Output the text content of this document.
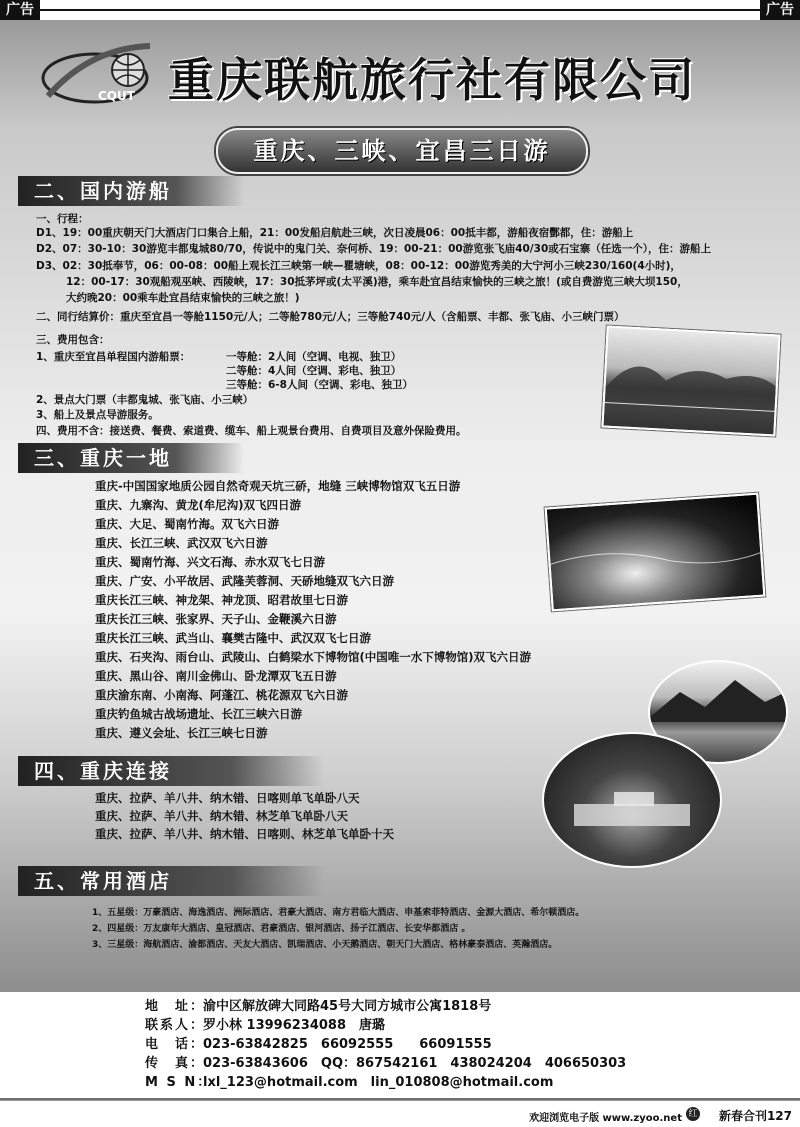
广告	广告
CQUT 重庆联航旅行社有限公司
重庆、三峡、宜昌三日游
二、国内游船
一、行程：
D1、19：00重庆朝天门大酒店门口集合上船，21：00发船启航赴三峡，次日凌晨06：00抵丰都，游船夜宿酆都，住：游船上
D2、07：30-10：30游览丰都鬼城80/70，传说中的鬼门关、奈何桥、19：00-21：00游览张飞庙40/30或石宝寨（任选一个），住：游船上
D3、02：30抵奉节，06：00-08：00船上观长江三峡第一峡—瞿塘峡，08：00-12：00游览秀美的大宁河小三峡230/160(4小时)，
12：00-17：30观船观巫峡、西陵峡，17：30抵茅坪或(太平溪)港，乘车赴宜昌结束愉快的三峡之旅！(或自费游览三峡大坝150，
大约晚20：00乘车赴宜昌结束愉快的三峡之旅！)
二、同行结算价：重庆至宜昌一等舱1150元/人；二等舱780元/人；三等舱740元/人（含船票、丰都、张飞庙、小三峡门票）
三、费用包含：
1、重庆至宜昌单程国内游船票：	一等舱：2人间（空调、电视、独卫）
二等舱：4人间（空调、彩电、独卫）
三等舱：6-8人间（空调、彩电、独卫）
2、景点大门票（丰都鬼城、张飞庙、小三峡）
3、船上及景点导游服务。
四、费用不含：接送费、餐费、索道费、缆车、船上观景台费用、自费项目及意外保险费用。
三、重庆一地
重庆-中国国家地质公园自然奇观天坑三硚，地缝 三峡博物馆双飞五日游
重庆、九寨沟、黄龙(牟尼沟)双飞四日游
重庆、大足、蜀南竹海。双飞六日游
重庆、长江三峡、武汉双飞六日游
重庆、蜀南竹海、兴文石海、赤水双飞七日游
重庆、广安、小平故居、武隆芙蓉洞、天硚地缝双飞六日游
重庆长江三峡、神龙架、神龙顶、昭君故里七日游
重庆长江三峡、张家界、天子山、金鞭溪六日游
重庆长江三峡、武当山、襄樊古隆中、武汉双飞七日游
重庆、石夹沟、雨台山、武陵山、白鹤梁水下博物馆(中国唯一水下博物馆)双飞六日游
重庆、黑山谷、南川金佛山、卧龙潭双飞五日游
重庆渝东南、小南海、阿蓬江、桃花源双飞六日游
重庆钓鱼城古战场遗址、长江三峡六日游
重庆、遵义会址、长江三峡七日游
四、重庆连接
重庆、拉萨、羊八井、纳木错、日喀则单飞单卧八天
重庆、拉萨、羊八井、纳木错、林芝单飞单卧八天
重庆、拉萨、羊八井、纳木错、日喀则、林芝单飞单卧十天
五、常用酒店
1、五星级：万豪酒店、海逸酒店、洲际酒店、君豪大酒店、南方君临大酒店、申基索菲特酒店、金源大酒店、希尔顿酒店。
2、四星级：万友康年大酒店、皇冠酒店、君豪酒店、银河酒店、扬子江酒店、长安华都酒店 。
3、三星级：海航酒店、渝都酒店、天友大酒店、凯瑞酒店、小天鹅酒店、朝天门大酒店、格林豪泰酒店、英瀚酒店。
地　址：渝中区解放碑大同路45号大同方城市公寓1818号
联系人：罗小林 13996234088　唐璐
电　话：023-63842825　66092555　　66091555
传　真：023-63843606　QQ：867542161　438024204　406650303
M S N：lxl_123@hotmail.com　lin_010808@hotmail.com
欢迎浏览电子版 www.zyoo.net 红 新春合刊127
